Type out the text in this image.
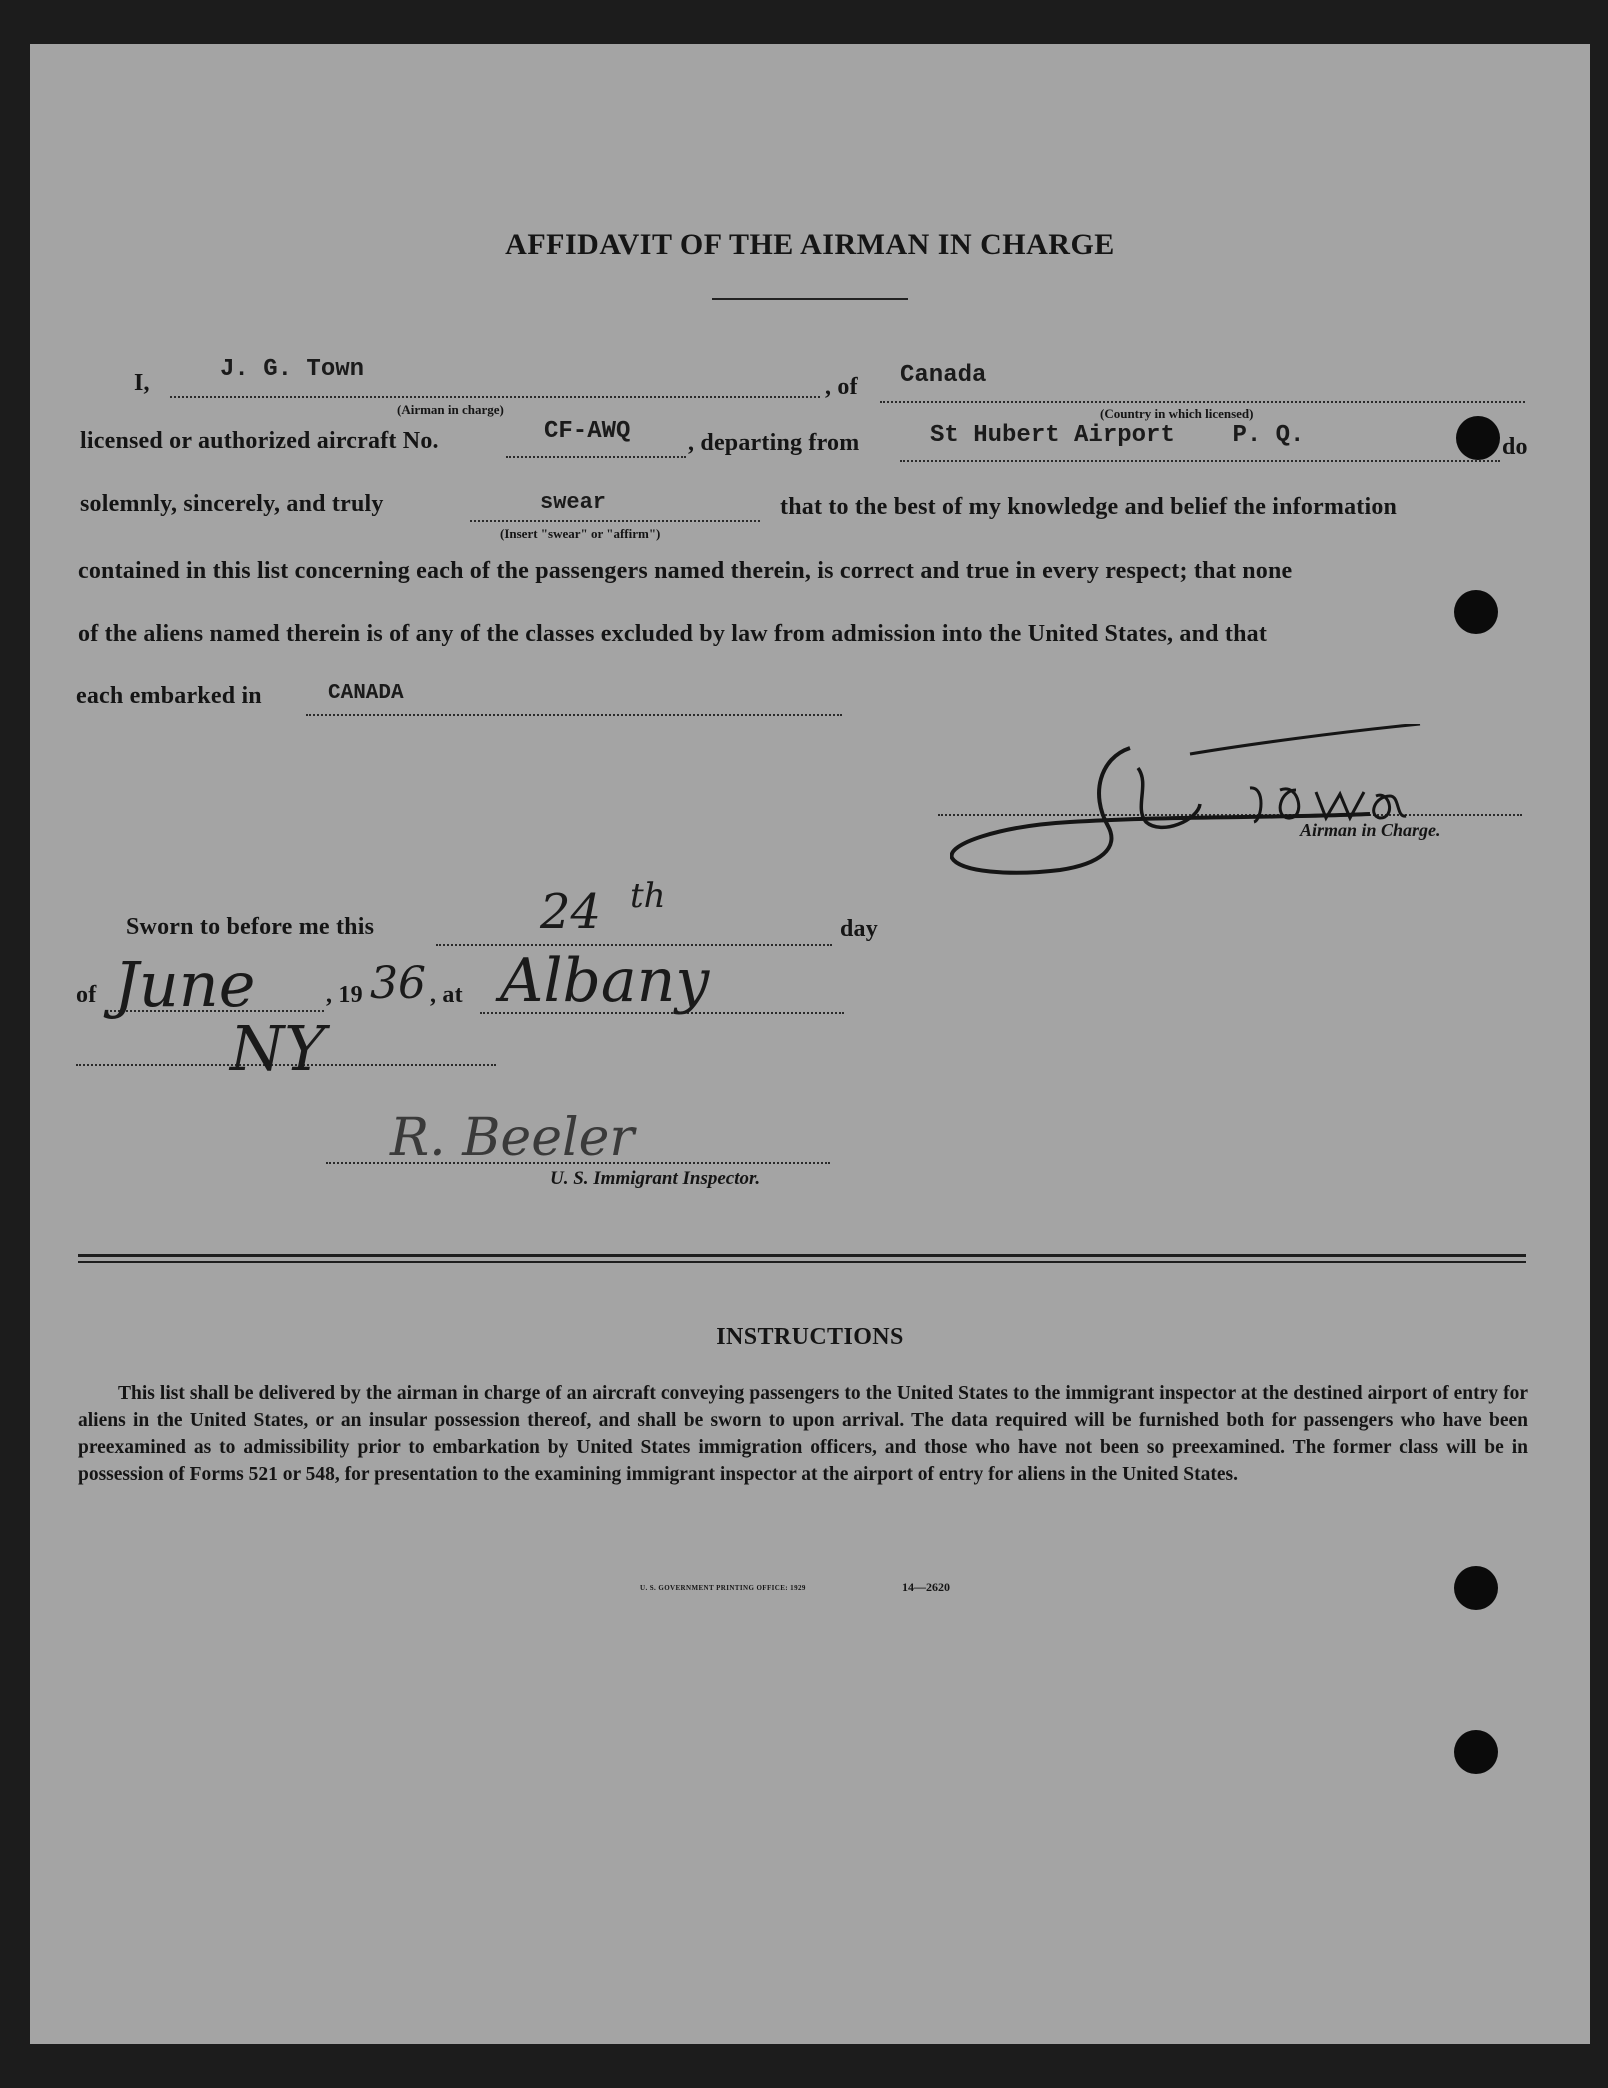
AFFIDAVIT OF THE AIRMAN IN CHARGE
I,	J. G. Town
(Airman in charge)
, of Canada
(Country in which licensed)
licensed or authorized aircraft No.	CF-AWQ , departing from	St Hubert Airport    P. Q.	do
solemnly, sincerely, and truly	swear
(Insert "swear" or "affirm")
that to the best of my knowledge and belief the information
contained in this list concerning each of the passengers named therein, is correct and true in every respect; that none
of the aliens named therein is of any of the classes excluded by law from admission into the United States, and that
each embarked in	CANADA
Airman in Charge.
Sworn to before me this	24 th
day
of June	, 19 36 , at Albany
NY
R. Beeler
U. S. Immigrant Inspector.
INSTRUCTIONS
This list shall be delivered by the airman in charge of an aircraft conveying passengers to the United States to the immigrant inspector at the destined airport of entry for aliens in the United States, or an insular possession thereof, and shall be sworn to upon arrival. The data required will be furnished both for passengers who have been preexamined as to admissibility prior to embarkation by United States immigration officers, and those who have not been so preexamined. The former class will be in possession of Forms 521 or 548, for presentation to the examining immigrant inspector at the airport of entry for aliens in the United States.
U. S. GOVERNMENT PRINTING OFFICE: 1929	14—2620
